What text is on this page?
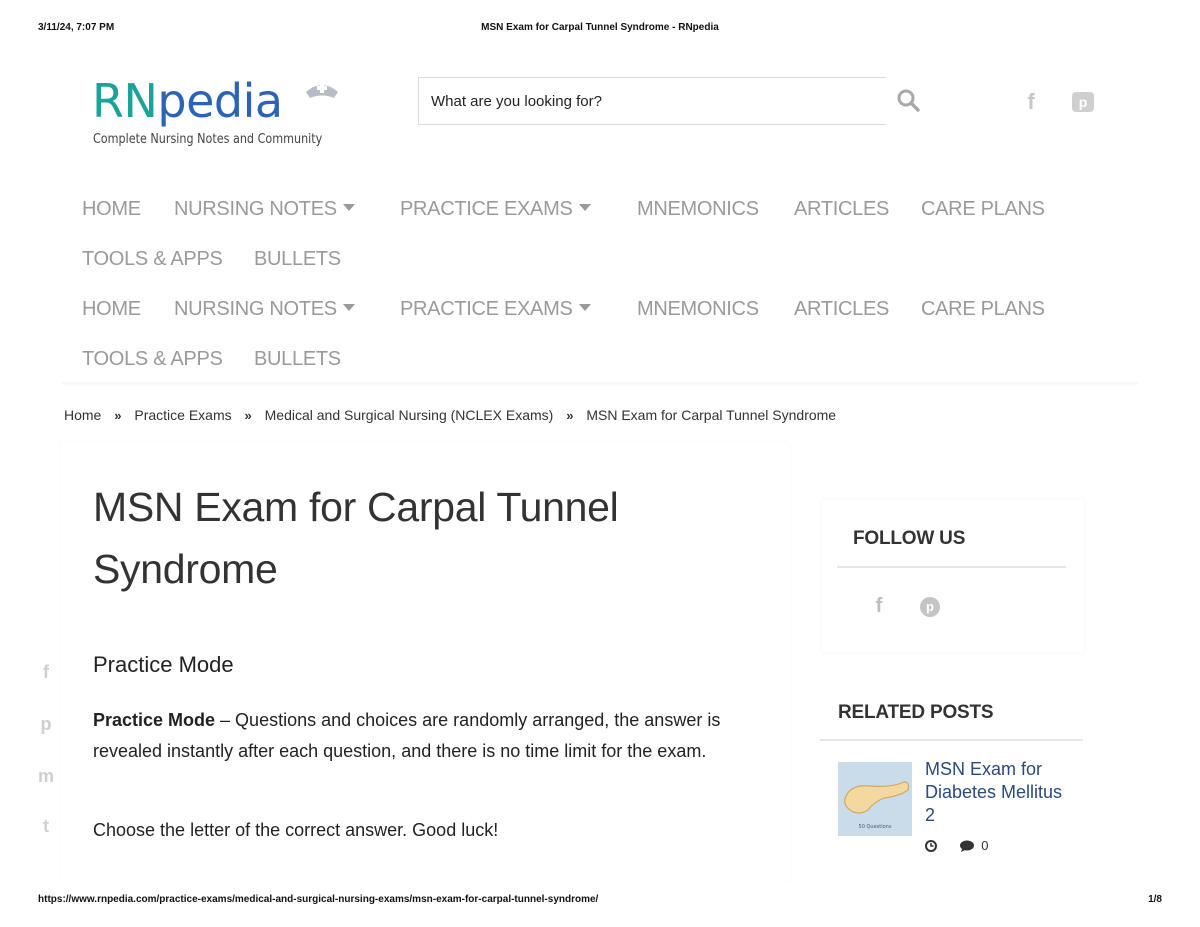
3/11/24, 7:07 PM	MSN Exam for Carpal Tunnel Syndrome - RNpedia
RNpedia
Complete Nursing Notes and Community
What are you looking for?
f	p
HOME NURSING NOTES	PRACTICE EXAMS	MNEMONICS ARTICLES CARE PLANS
TOOLS & APPS BULLETS
HOME NURSING NOTES	PRACTICE EXAMS	MNEMONICS ARTICLES CARE PLANS
TOOLS & APPS BULLETS
Home » Practice Exams » Medical and Surgical Nursing (NCLEX Exams) » MSN Exam for Carpal Tunnel Syndrome
MSN Exam for Carpal Tunnel Syndrome
Practice Mode

Practice Mode – Questions and choices are randomly arranged, the answer is revealed instantly after each question, and there is no time limit for the exam.

Choose the letter of the correct answer. Good luck!

f
p
m
t
FOLLOW US
f	p
RELATED POSTS
50 Questions
MSN Exam for Diabetes Mellitus 2
0
https://www.rnpedia.com/practice-exams/medical-and-surgical-nursing-exams/msn-exam-for-carpal-tunnel-syndrome/	1/8
